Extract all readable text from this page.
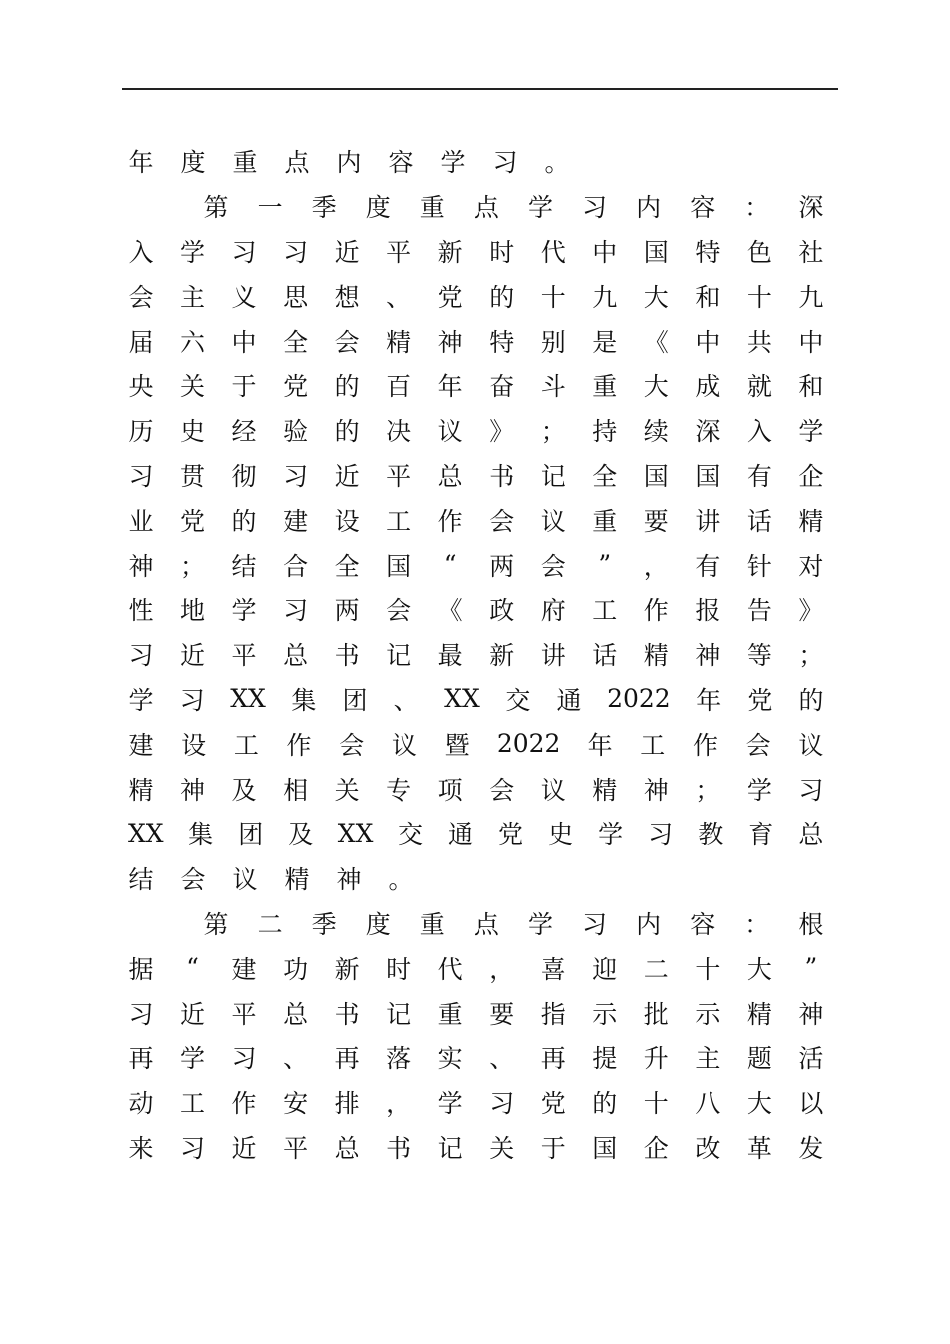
年 度 重 点 内 容 学 习 。
第 一 季 度 重 点 学 习 内 容 ： 深
入 学 习 习 近 平 新 时 代 中 国 特 色 社
会 主 义 思 想 、 党 的 十 九 大 和 十 九
届 六 中 全 会 精 神 特 别 是 《 中 共 中
央 关 于 党 的 百 年 奋 斗 重 大 成 就 和
历 史 经 验 的 决 议 》 ； 持 续 深 入 学
习 贯 彻 习 近 平 总 书 记 全 国 国 有 企
业 党 的 建 设 工 作 会 议 重 要 讲 话 精
神 ； 结 合 全 国 “ 两 会 ” ， 有 针 对
性 地 学 习 两 会 《 政 府 工 作 报 告 》
习 近 平 总 书 记 最 新 讲 话 精 神 等 ；
学 习 XX 集 团 、 XX 交 通 2022 年 党 的
建 设 工 作 会 议 暨 2022 年 工 作 会 议
精 神 及 相 关 专 项 会 议 精 神 ； 学 习
XX 集 团 及 XX 交 通 党 史 学 习 教 育 总
结 会 议 精 神 。
第 二 季 度 重 点 学 习 内 容 ： 根
据 “ 建 功 新 时 代 ， 喜 迎 二 十 大 ”
习 近 平 总 书 记 重 要 指 示 批 示 精 神
再 学 习 、 再 落 实 、 再 提 升 主 题 活
动 工 作 安 排 ， 学 习 党 的 十 八 大 以
来 习 近 平 总 书 记 关 于 国 企 改 革 发
